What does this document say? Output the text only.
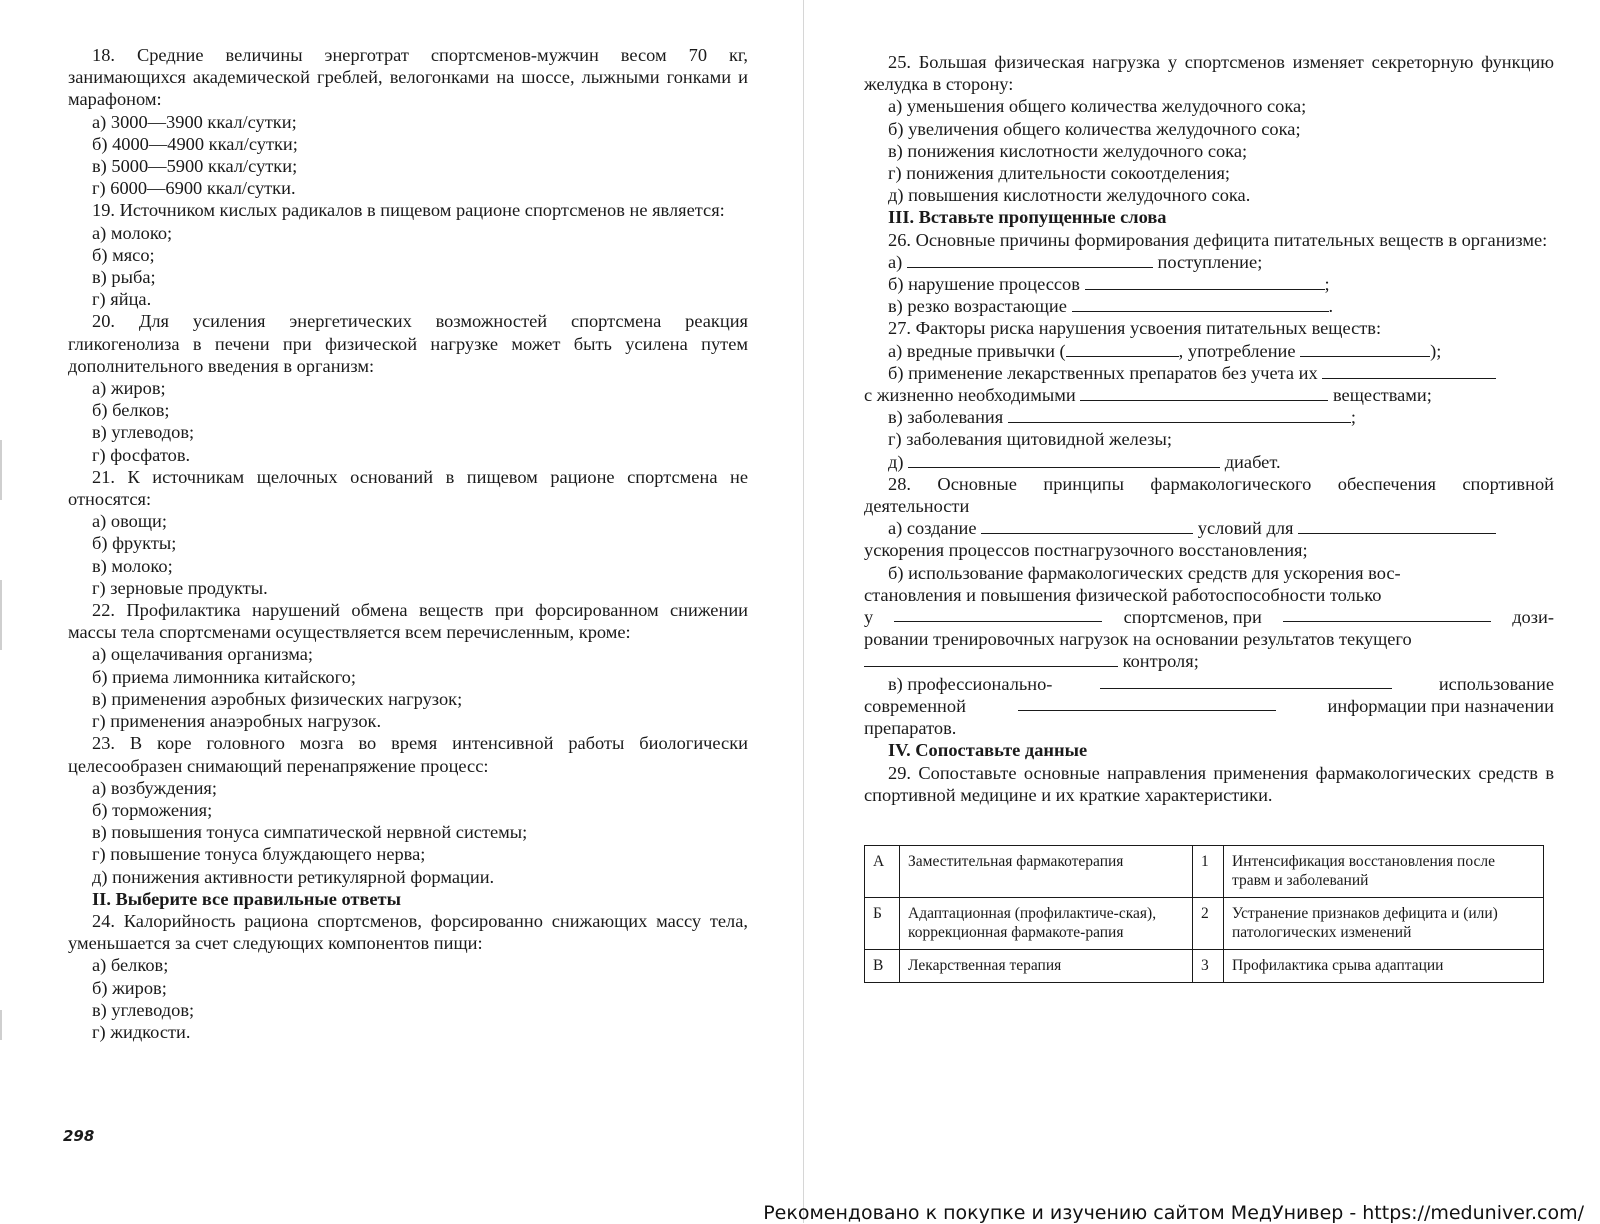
18. Средние величины энерготрат спортсменов-мужчин весом 70 кг, занимающихся академической греблей, велогонками на шоссе, лыжными гонками и марафоном:
а) 3000—3900 ккал/сутки;
б) 4000—4900 ккал/сутки;
в) 5000—5900 ккал/сутки;
г) 6000—6900 ккал/сутки.
19. Источником кислых радикалов в пищевом рационе спортсменов не является:
а) молоко;
б) мясо;
в) рыба;
г) яйца.
20. Для усиления энергетических возможностей спортсмена реакция гликогенолиза в печени при физической нагрузке может быть усилена путем дополнительного введения в организм:
а) жиров;
б) белков;
в) углеводов;
г) фосфатов.
21. К источникам щелочных оснований в пищевом рационе спортсмена не относятся:
а) овощи;
б) фрукты;
в) молоко;
г) зерновые продукты.
22. Профилактика нарушений обмена веществ при форсированном снижении массы тела спортсменами осуществляется всем перечисленным, кроме:
а) ощелачивания организма;
б) приема лимонника китайского;
в) применения аэробных физических нагрузок;
г) применения анаэробных нагрузок.
23. В коре головного мозга во время интенсивной работы биологически целесообразен снимающий перенапряжение процесс:
а) возбуждения;
б) торможения;
в) повышения тонуса симпатической нервной системы;
г) повышение тонуса блуждающего нерва;
д) понижения активности ретикулярной формации.
II. Выберите все правильные ответы
24. Калорийность рациона спортсменов, форсированно снижающих массу тела, уменьшается за счет следующих компонентов пищи:
а) белков;
б) жиров;
в) углеводов;
г) жидкости.
298
25. Большая физическая нагрузка у спортсменов изменяет секреторную функцию желудка в сторону:
а) уменьшения общего количества желудочного сока;
б) увеличения общего количества желудочного сока;
в) понижения кислотности желудочного сока;
г) понижения длительности сокоотделения;
д) повышения кислотности желудочного сока.
III. Вставьте пропущенные слова
26. Основные причины формирования дефицита питательных веществ в организме:
а)	поступление;
б) нарушение процессов	;
в) резко возрастающие	.
27. Факторы риска нарушения усвоения питательных веществ:
а) вредные привычки (	, употребление	);
б) применение лекарственных препаратов без учета их
с жизненно необходимыми	веществами;
в) заболевания	;
г) заболевания щитовидной железы;
д)	диабет.
28. Основные принципы фармакологического обеспечения спортивной деятельности
а) создание	условий для
ускорения процессов постнагрузочного восстановления;
б) использование фармакологических средств для ускорения вос-
становления и повышения физической работоспособности только
у	спортсменов, при	дози-
ровании тренировочных нагрузок на основании результатов текущего
контроля;
в) профессионально-	использование
современной	информации при назначении
препаратов.
IV. Сопоставьте данные
29. Сопоставьте основные направления применения фармакологических средств в спортивной медицине и их краткие характеристики.
А	Заместительная фармакотерапия	1	Интенсификация восстановления после травм и заболеваний
Б	Адаптационная (профилактиче-ская), коррекционная фармакоте-рапия	2	Устранение признаков дефицита и (или) патологических изменений
В	Лекарственная терапия	3	Профилактика срыва адаптации
Рекомендовано к покупке и изучению сайтом МедУнивер - https://meduniver.com/
